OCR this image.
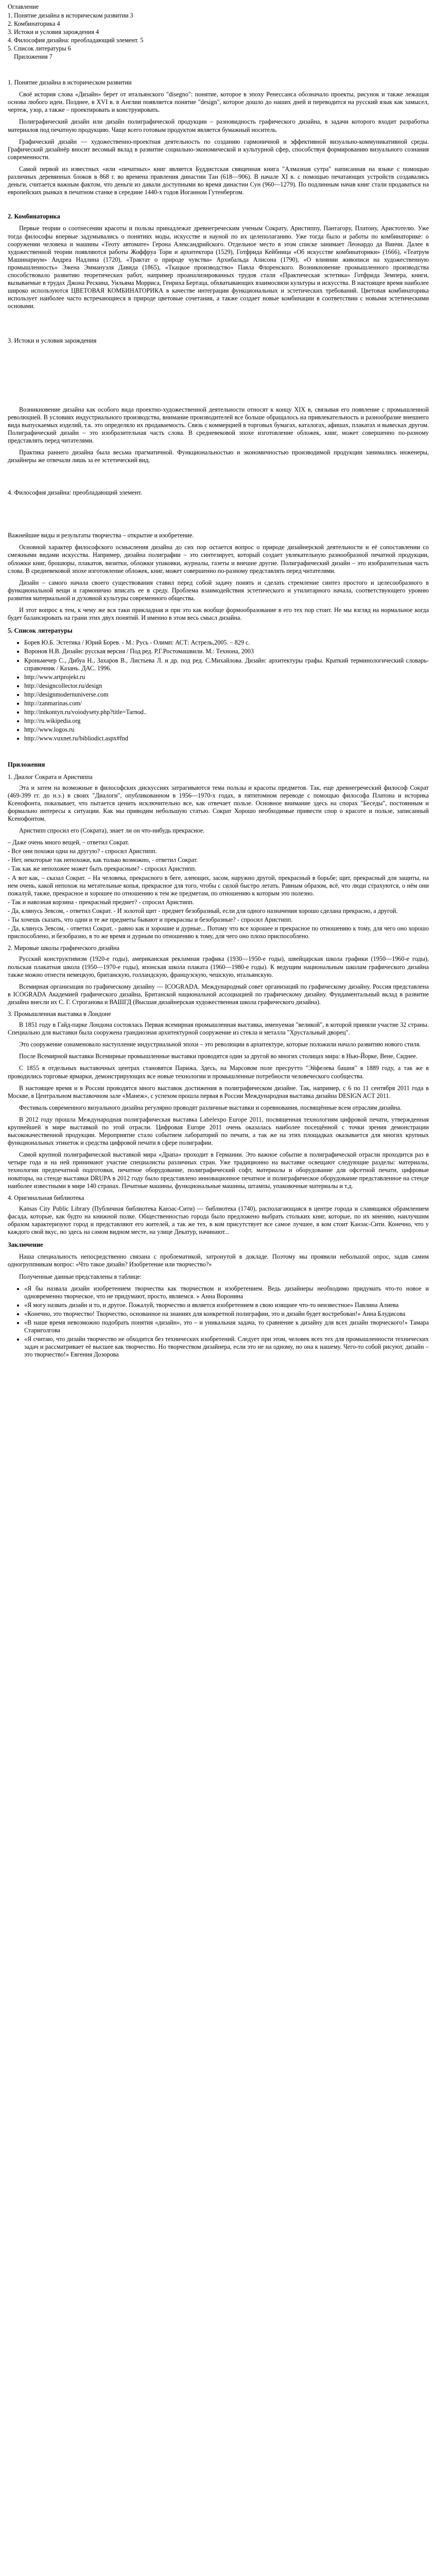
Оглавление
1. Понятие дизайна в историческом развитии 3
2. Комбинаторика 4
3. Истоки и условия зарождения 4
4. Философия дизайна: преобладающий элемент. 5
5. Список литературы 6
Приложения 7
1. Понятие дизайна в историческом развитии

Своё история слова «Дизайн» берет от итальянского "disegno": понятие, которое в эпоху Ренессанса обозначало проекты, рисунок и также лежащая основа любого идеи. Позднее, в XVI в. в Англии появляется понятие "design", которое дошло до наших дней и переводится на русский язык как замысел, чертеж, узор, а также – проектировать и конструировать.

Полиграфический дизайн или дизайн полиграфической продукции – разновидность графического дизайна, в задачи которого входит разработка материалов под печатную продукцию. Чаще всего готовым продуктом является бумажный носитель.

Графический дизайн — художественно-проектная деятельность по созданию гармоничной и эффективной визуально-коммуникативной среды. Графический дизайнёр вносит весомый вклад в развитие социально-экономической и культурной сфер, способствуя формированию визуального сознания современности.

Самой первой из известных «или «печатных» книг является Буддистская священная книга "Алмазная сутра" написанная на языке с помощью различных деревянных блоков в 868 г. во времена правления династии Тан (618—906). В начале XI в. с помощью печатающих устройств создавались деньги, считается важным фактом, что деньги из давали доступными во время династии Сун (960—1279). По подлинным начав книг стали продаваться на европейских рынках в печатном станке в середине 1440-х годов Иоганном Гутенбергом.

2. Комбинаторика

Первые теории о соотнесении красоты и пользы принадлежат древнегреческим ученым Сократу, Аристиппу, Пантагору, Платону, Аристотелю. Уже тогда философы впервые задумывались о понятиях моды, искусстве и науной по их целеполаганию. Уже тогда было и работы по комбинаторике: о сооружении человека и машины «Теоту автомате» Герона Александрийского. Отдельное место в этом списке занимает Леонардо да Винчи. Далее в художественной теории появляются работы Жоффруа Тори и архитектора (1529), Готфрида Кейбница «Об искусстве комбинаторики» (1666), «Театрум Машинариум» Андреа Надлина (1720), «Трактат о природе чувства» Архибальда Алисона (1790), «О влиянии живописи на художественную промышленность» Эжена Эммануэля Давида (1865), «Ткацкое производство» Павла Флоренского. Возникновение промышленного производства способствовало развитию теоретических работ, например проанализированных трудов стали «Практическая эстетика» Готфрида Земпера, книги, вызываемые в трудах Джона Рескина, Уильяма Морриса, Генриха Бертаца, обхватывающих взаимосвязи культуры и искусства. В настоящее время наиболее широко используются ЦВЕТОВАЯ КОМБИНАТОРИКА в качестве интеграции функциональных и эстетических требований. Цветовая комбинаторика использует наиболее часто встречающиеся в природе цветовые сочетания, а также создает новые комбинации в соответствии с новыми эстетическими основами.

3. Истоки и условия зарождения

Возникновение дизайна как особого вида проектно-художественной деятельности относят к концу XIX в, связывая его появление с промышленной революцией. В условиях индустриального производства, внимание производителей все больше обращалось на привлекательность и разнообразие внешнего вида выпускаемых изделий, т.к. это определяло их продаваемость. Связь с коммерцией в торговых бумагах, каталогах, афишах, плакатах и вывесках другом. Полиграфический дизайн – это изобразительная часть слова. В средневековой эпохе изготовление обложек, книг, может совершенно по-разному представлять перед читателями.

Практика раннего дизайна была весьма прагматичной. Функциональностью и экономичностью производимой продукции занимались инженеры, дизайнеры же отвечали лишь за ее эстетический вид.

4. Философия дизайна: преобладающий элемент.

Важнейшие виды и результаты творчества – открытие и изобретение.

Основной характер философского осмысления дизайна до сих пор остается вопрос о природе дизайнерской деятельности и её сопоставлении со смежными видами искусства. Например, дизайна полиграфии – это синтезирует, который создает увлекательную разнообразной печатной продукции, обложки книг, брошюры, плакатов, визитки, обложки упаковки, журналы, газеты и внешне другие. Полиграфический дизайн – это изобразительная часть слова. В средневековой эпохе изготовление обложек, книг, может совершенно по-разному представлять перед читателями.

Дизайн – самого начала своего существования ставил перед собой задачу понять и сделать стремление синтез простого и целесообразного в функциональной вещи и гармонично вписать ее в среду. Проблема взаимодействия эстетического и утилитарного начала, соответствующего уровню развития материальной и духовной культуры современного общества.

И этот вопрос к тем, к чему же вся таки прикладная и при это как вообще формообразование в его тех пор стоит. Не мы взгляд на нормальное когда будет балансировать на грани этих двух понятий. И именно в этом весь смысл дизайна.

5. Список литературы
• Борев Ю.Б. Эстетика / Юрий Борев. - М.: Русь - Олимп: АСТ: Астрель,2005. – 829 с.
• Воронов Н.В. Дизайн: русская версия / Под ред. Р.Г.Ростомашвили. М.: Технона, 2003
• Кроньмечер С., Дибуа Н., Захаров В., Листьева Л. и др. под ред. С.Михайлова. Дизайн: архитектуры графы. Краткий терминологический словарь-справочник / Казань. ДАС. 1996.
• http://www.artprojekt.ru
• http://designcollector.ru/design
• http://designmodernuniverse.com
• http://zanmarinas.com/
• http://intkontyn.ru/voiodysety.php?title=Tarnod..
• http://ru.wikipedia.org
• http://www.logos.ru
• http://www.vuxnet.ru/bibliodict.aspx#fnd
Приложения
1. Диалог Сократа и Аристиппа

Эта и затем на возможные в философских дискуссиях затрагиваются тема пользы и красоты предметов. Так, еще древнегреческий философ Сократ (469-399 гг. до н.э.) в своих "Диалоги", опубликованном в 1956—1970-х годах, в пятитомном переводе с помощью философа Платона и историка Ксенофонта, показывает, что пытается ценить исключительно все, как отвечает пользе. Основное внимание здесь на спорах "Беседы", постоянным и формально интересы к ситуации. Как мы приводим небольшую статью. Сократ Хорошо необходимые привести спор о красоте и пользе, записанный Ксенофонтом.

Аристипп спросил его (Сократа), знает ли он что-нибудь прекрасное.

– Даже очень много вещей, – ответил Сократ.

- Все они похожи одна на другую? - спросил Аристипп.

- Нет, некоторые так непохожи, как только возможно, - ответил Сократ.

- Так как же непохожее может быть прекрасным? - спросил Аристипп.

- А вот как, – сказал Сократ. – На человека, прекрасного в беге, алеющих, засом, наружно другой, прекрасный в борьбе; щит, прекрасный для защиты, на нем очень, какой непохож на метательные копья, прекрасное для того, чтобы с силой быстро летать. Равным образом, всё, что люди страхуются, о нём они пожалуй, также, прекрасное и хорошее по отношению к тем же предметам, по отношению к которым это полезно.

- Так и навозная корзина - прекрасный предмет? - спросил Аристипп.

- Да, клянусь Зевсом, - ответил Сократ. - И золотой щит - предмет безобразный, если для одного назначения хорошо сделана прекрасно, а другой.

- Ты хочешь сказать, что одни и те же предметы бывают и прекрасны и безобразные? - спросил Аристипп.

- Да, клянусь Зевсом, - ответил Сократ, - равно как и хорошие и дурные... Потому что все хорошее и прекрасное по отношению к тому, для чего оно хорошо приспособлено, и безобразно, в то же время и дурным по отношению к тому, для чего оно плохо приспособлено.

2. Мировые школы графического дизайна

Русский конструктивизм (1920-е годы), американская рекламная графика (1930—1950-е годы), швейцарская школа графики (1950—1960-е годы), польская плакатная школа (1950—1970-е годы), японская школа плаката (1960—1980-е годы). К ведущим национальным школам графического дизайна также можно отнести немецкую, британскую, голландскую, французскую, чешскую, итальянскую.

Всемирная организация по графическому дизайну — ICOGRADA. Международный совет организаций по графическому дизайну. Россия представлена в ICOGRADA Академией графического дизайна, Британской национальной ассоциацией по графическому дизайну. Фундаментальный вклад в развитие дизайна внесли их С. Г. Строганова и ВАШГД (Высшая дизайнерская художественная школа графического дизайна).

3. Промышленная выставка в Лондоне

В 1851 году в Гайд-парке Лондона состоялась Первая всемирная промышленная выставка, именуемая "великой", в которой приняли участие 32 страны. Специально для выставки была сооружена грандиозная архитектурной сооружение из стекла и металла "Хрустальный дворец".

Это сооружение ознаменовало наступление индустриальной эпохи – это революции в архитектуре, которые положили начало развитию нового стиля.

После Всемирной выставки Всемирные промышленные выставки проводятся один за другой во многих столицах мира: в Нью-Йорке, Вене, Сиднее.

С 1855 в отдельных выставочных центрах становятся Парижа, Здесь, на Марсовом поле пресрутто "Эйфелева башня" в 1889 году, а так же в проводились торговые ярмарки, демонстрирующих все новые технологии и промышленные потребности человеческого сообщества.

В настоящее время и в России проводятся много выставок достижения в полиграфическом дизайне. Так, например, с 6 по 11 сентября 2011 года в Москве, в Центральном выставочном зале «Манеж», с успехом прошла первая в России Международная выставка дизайна DESIGN ACT 2011.

Фестиваль современного визуального дизайна регулярно проводят различные выставки и соревнования, посвящённые всем отраслям дизайна.

В 2012 году прошла Международная полиграфическая выставка Labelexpo Europe 2011, посвященная технологиям цифровой печати, утвержденная крупнейшей в мире выставкой по этой отрасли. Цифровая Europe 2011 очень оказалась наиболее посещённой с точки зрения демонстрации высококачественной продукции. Мероприятие стало событием лабораторий по печати, а так же на этих площадках оказывается для многих крупных функциональных этикеток и средства цифровой печати в сфере полиграфии.

Самой крупной полиграфической выставкой мира «Драпа» проходит в Германии. Это важное событие в полиграфической отрасли проходится раз в четыре года и на ней принимают участие специалисты различных стран. Уже традиционно на выставке освещают следующие разделы: материалы, технологии предпечатной подготовки, печатное оборудование, полиграфический софт, материалы и оборудование для офсетной печати, цифровые новаторы, на стенде выставки DRUPA в 2012 году было представлено инновационное печатное и полиграфическое оборудование представленное на стенде наиболее известными в мире 140 странах. Печатные машины, функциональные машины, штампы, упаковочные материалы и т.д.

4. Оригинальная библиотека

Kansas City Public Library (Публичная библиотека Канзас-Сити) — библиотека (1740), располагающаяся в центре города и славящаяся обрамлением фасада, которые, как будто на книжной полке. Общественностью города было предложено выбрать стольких книг, которые, по их мнению, наилучшим образом характеризуют город и представляют его жителей, а так же тех, в ком присутствует все самое лучшее, в ком стоит Канзас-Сити. Конечно, что у каждого свой вкус, но здесь на самом видном месте, на улице Декатур, начинают...

Заключение

Наша специальность непосредственно связана с проблематикой, затронутой в докладе. Поэтому мы проявили небольшой опрос, задав самим одногруппникам вопрос: «Что такое дизайн? Изобретение или творчество?»

Полученные данные представлены в таблице:

• «Я бы назвала дизайн изобретением творчества как творчеством и изобретением. Ведь дизайнеры необходимо придумать что-то новое и одновременно творческое, что не придумают, просто, являемся. » Анна Воронина
• «Я могу назвать дизайн и то, и другое. Пожалуй, творчество и является изобретением в свою изящнее что-то неизвестное» Павлина Алиева
• «Конечно, это творчество! Творчество, основанное на знаниях для конкретной полиграфии, это и дизайн будет востребован!» Анна Блудисова
• «В наше время невозможно подобрать понятия «дизайн», это – и уникальная задача, то сравнение к дизайну для всех дизайн творческого!» Тамара Стариголгова
• «Я считаю, что дизайн творчество не обходится без технических изобретений. Следует при этом, человек всех тех для промышленности технических задач и рассматривает её высшее как творчество. Но творчеством дизайнера, если это не на одному, но она к нашему. Чего-то собой рисуют, дизайн – это творчество!» Евгения Дозорова
